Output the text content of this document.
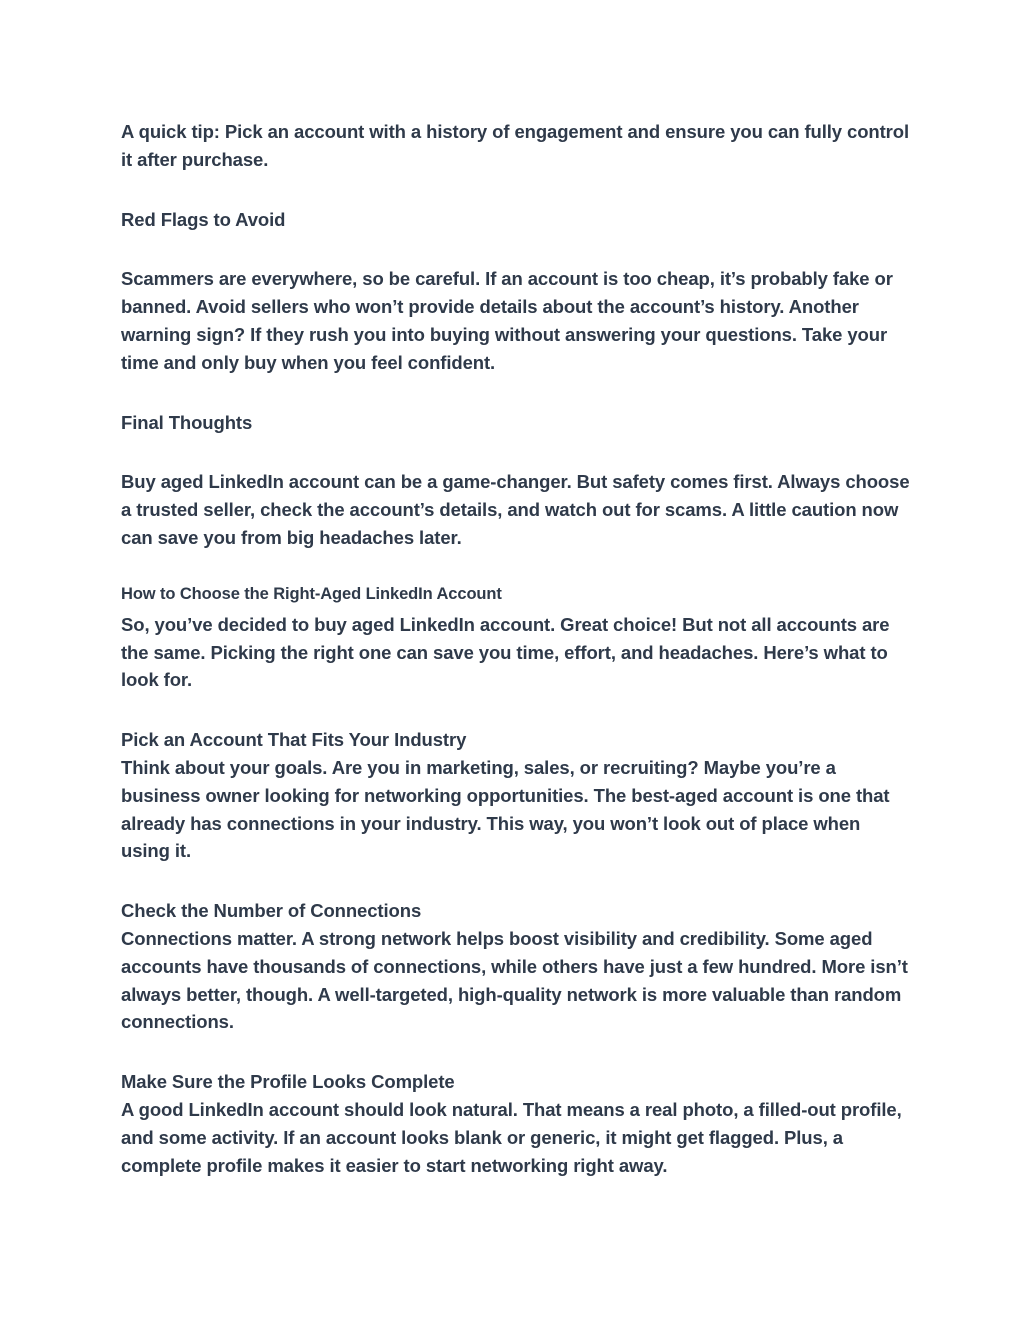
A quick tip: Pick an account with a history of engagement and ensure you can fully control it after purchase.

Red Flags to Avoid

Scammers are everywhere, so be careful. If an account is too cheap, it’s probably fake or banned. Avoid sellers who won’t provide details about the account’s history. Another warning sign? If they rush you into buying without answering your questions. Take your time and only buy when you feel confident.

Final Thoughts

Buy aged LinkedIn account can be a game-changer. But safety comes first. Always choose a trusted seller, check the account’s details, and watch out for scams. A little caution now can save you from big headaches later.

How to Choose the Right-Aged LinkedIn Account

So, you’ve decided to buy aged LinkedIn account. Great choice! But not all accounts are the same. Picking the right one can save you time, effort, and headaches. Here’s what to look for.

Pick an Account That Fits Your Industry

Think about your goals. Are you in marketing, sales, or recruiting? Maybe you’re a business owner looking for networking opportunities. The best-aged account is one that already has connections in your industry. This way, you won’t look out of place when using it.

Check the Number of Connections

Connections matter. A strong network helps boost visibility and credibility. Some aged accounts have thousands of connections, while others have just a few hundred. More isn’t always better, though. A well-targeted, high-quality network is more valuable than random connections.

Make Sure the Profile Looks Complete

A good LinkedIn account should look natural. That means a real photo, a filled-out profile, and some activity. If an account looks blank or generic, it might get flagged. Plus, a complete profile makes it easier to start networking right away.
